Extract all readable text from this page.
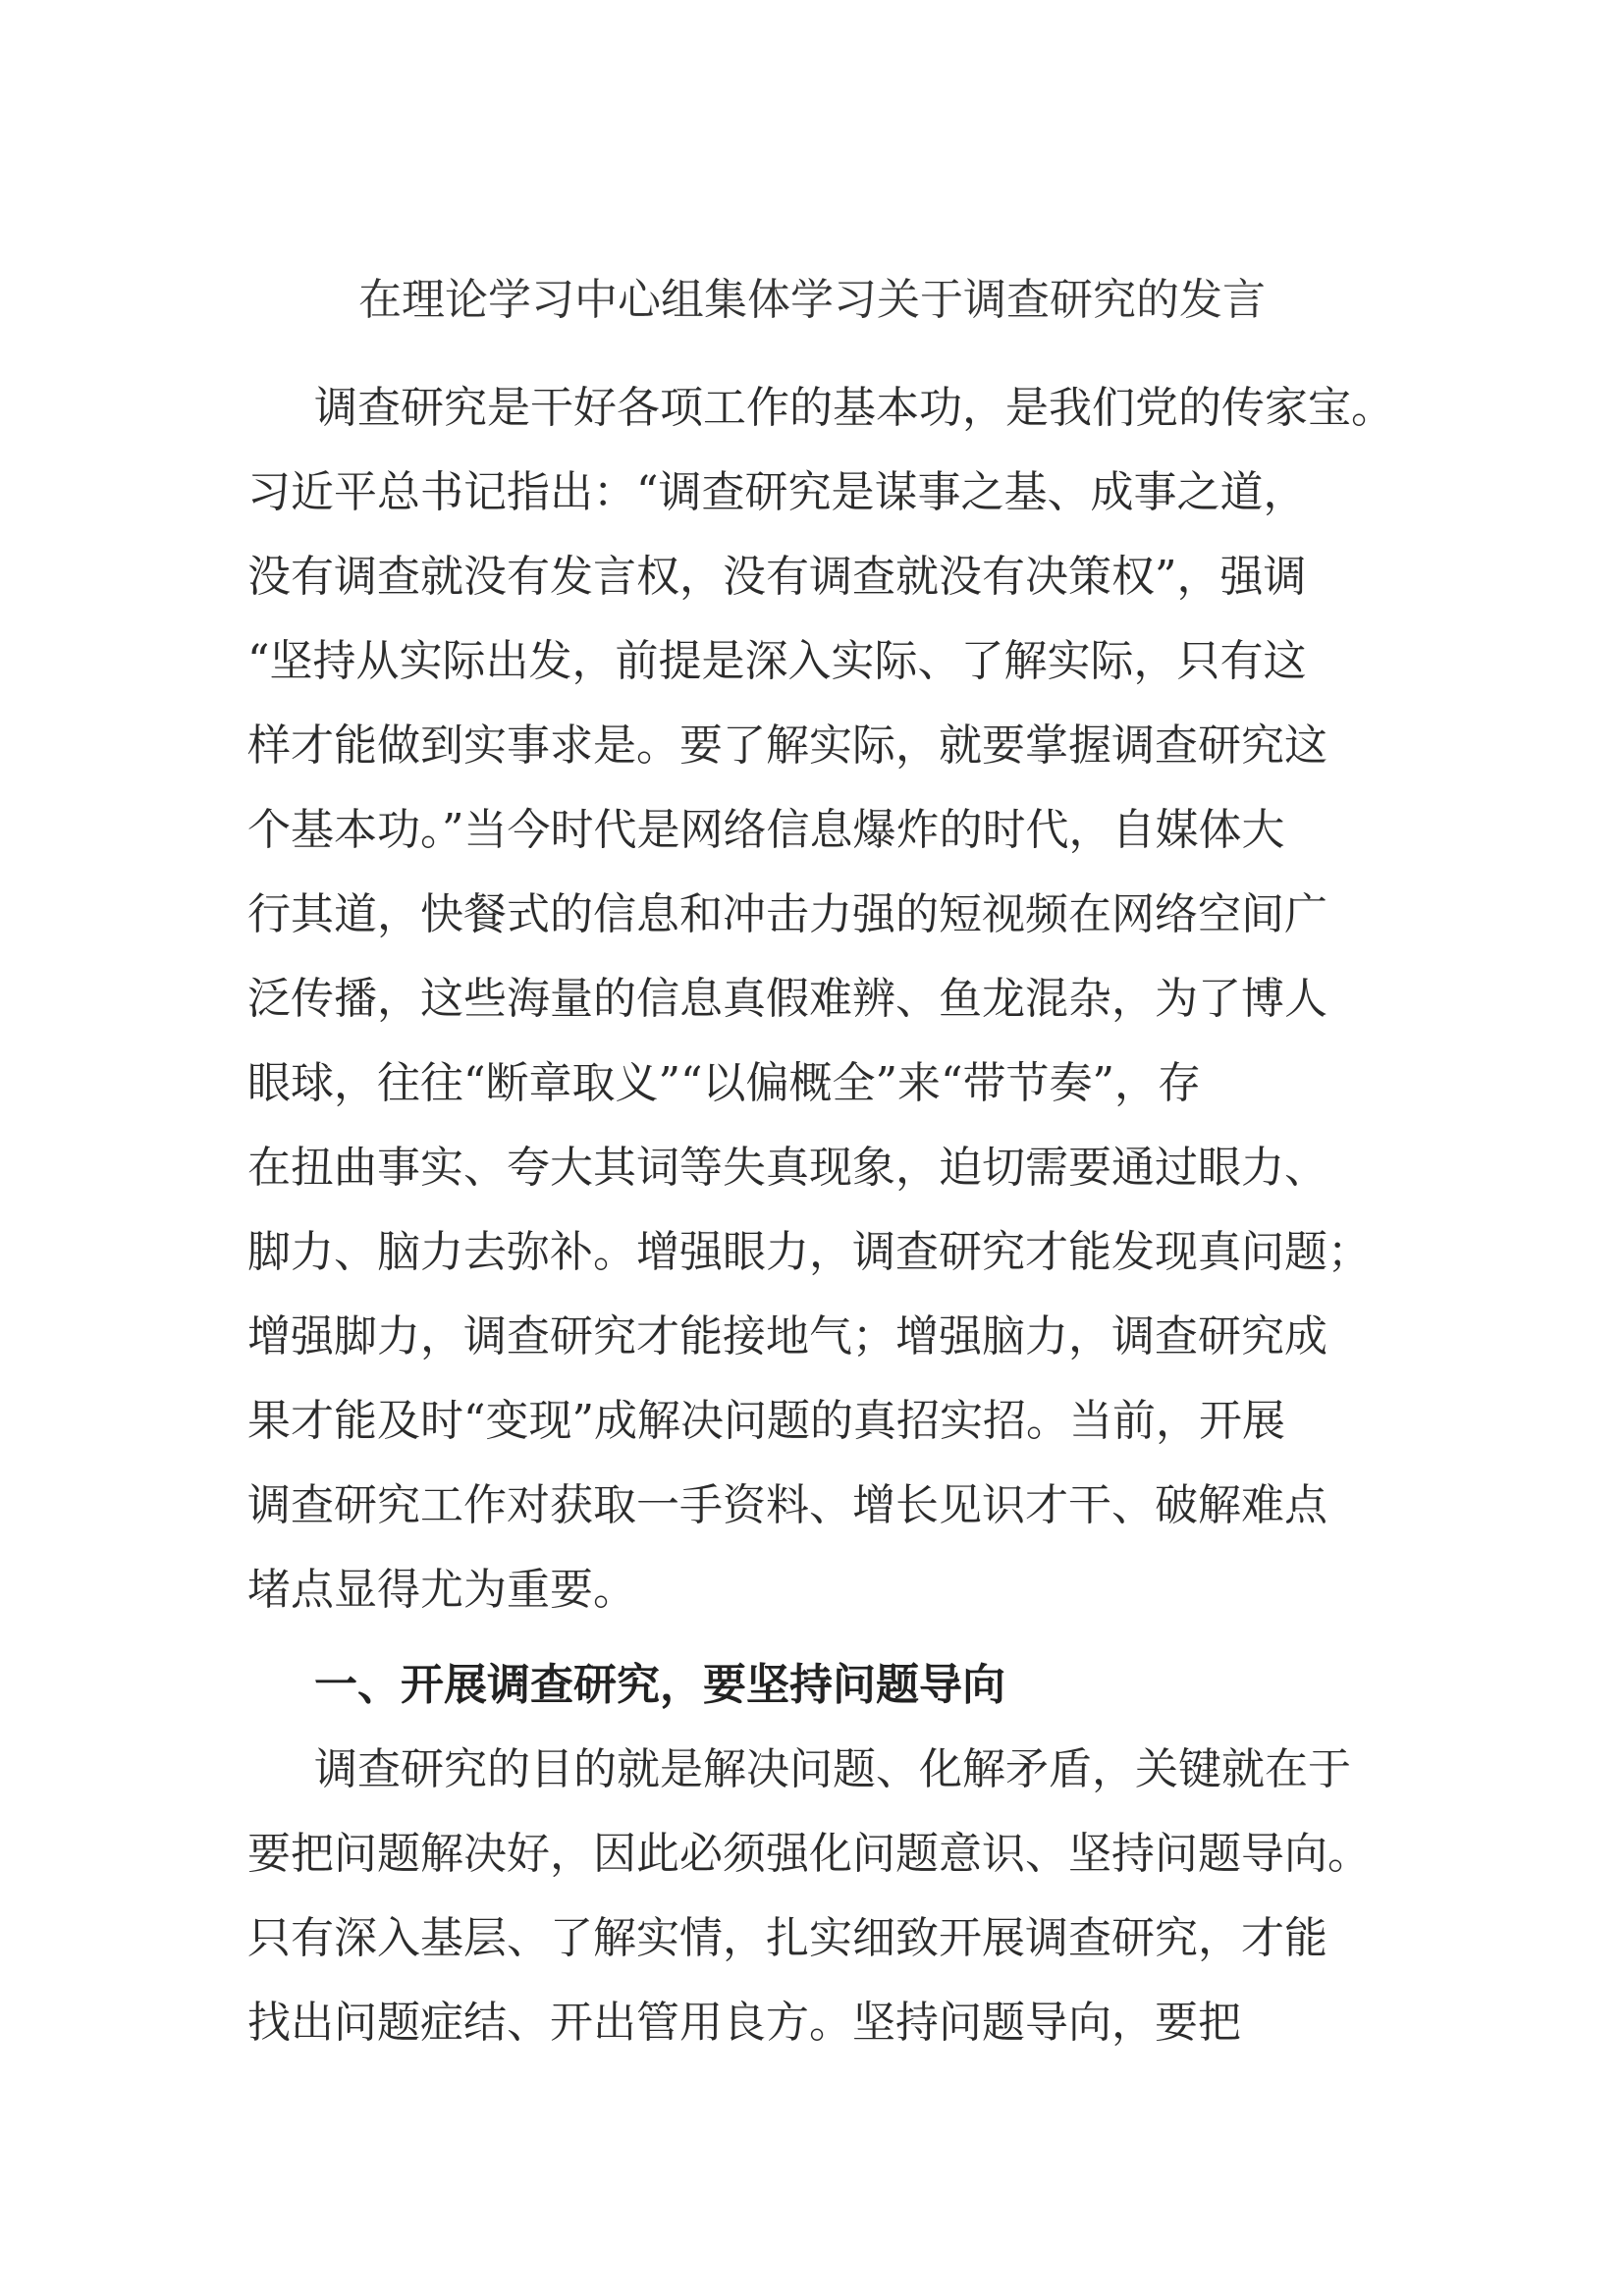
在理论学习中心组集体学习关于调查研究的发言
调查研究是干好各项工作的基本功，是我们党的传家宝。
习近平总书记指出：“调查研究是谋事之基、成事之道，
没有调查就没有发言权，没有调查就没有决策权”，强调
“坚持从实际出发，前提是深入实际、了解实际，只有这
样才能做到实事求是。要了解实际，就要掌握调查研究这
个基本功。”当今时代是网络信息爆炸的时代，自媒体大
行其道，快餐式的信息和冲击力强的短视频在网络空间广
泛传播，这些海量的信息真假难辨、鱼龙混杂，为了博人
眼球，往往“断章取义”“以偏概全”来“带节奏”，存
在扭曲事实、夸大其词等失真现象，迫切需要通过眼力、
脚力、脑力去弥补。增强眼力，调查研究才能发现真问题；
增强脚力，调查研究才能接地气；增强脑力，调查研究成
果才能及时“变现”成解决问题的真招实招。当前，开展
调查研究工作对获取一手资料、增长见识才干、破解难点
堵点显得尤为重要。
一、开展调查研究，要坚持问题导向
调查研究的目的就是解决问题、化解矛盾，关键就在于
要把问题解决好，因此必须强化问题意识、坚持问题导向。
只有深入基层、了解实情，扎实细致开展调查研究，才能
找出问题症结、开出管用良方。坚持问题导向，要把
